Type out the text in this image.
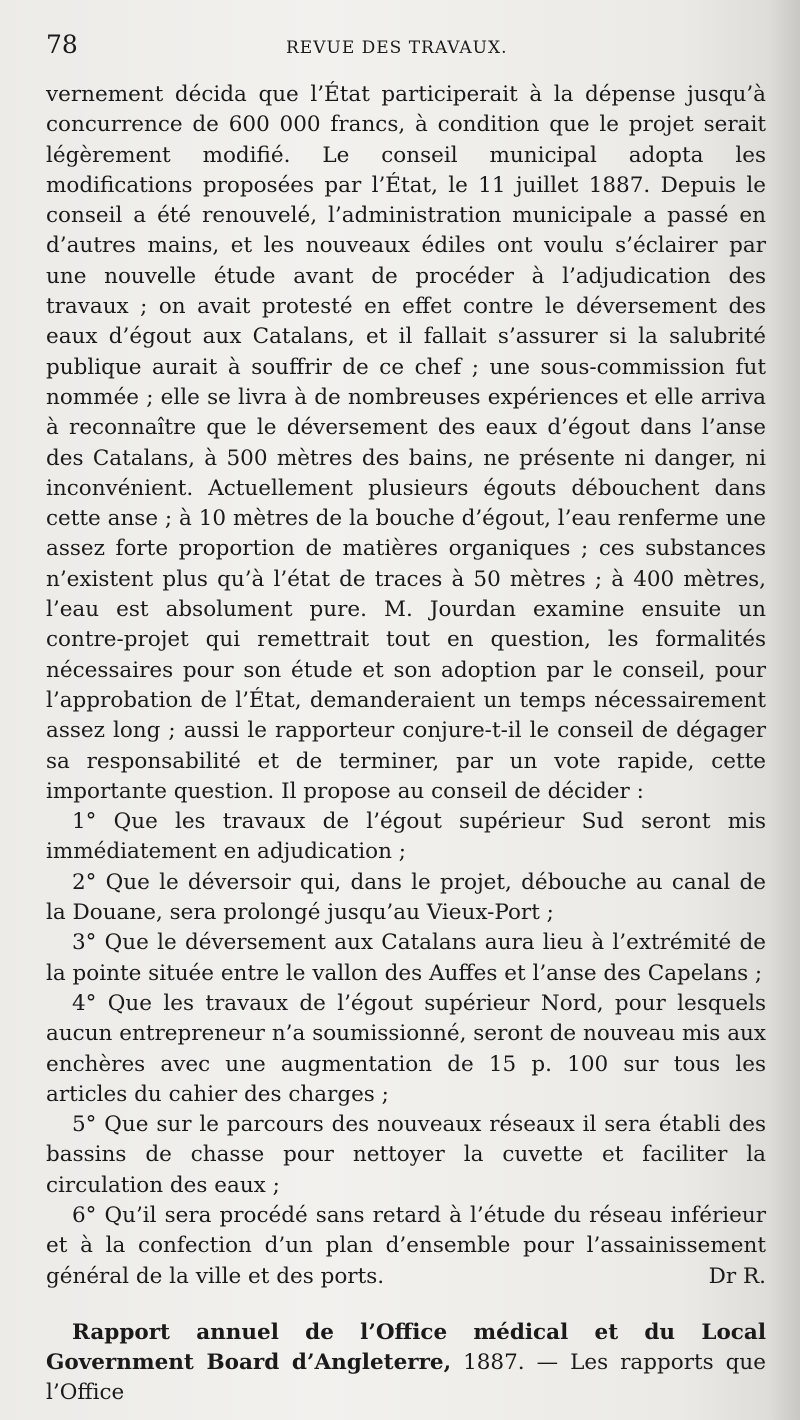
78	REVUE DES TRAVAUX.

vernement décida que l’État participerait à la dépense jusqu’à concurrence de 600 000 francs, à condition que le projet serait légèrement modifié. Le conseil municipal adopta les modifications proposées par l’État, le 11 juillet 1887. Depuis le conseil a été renouvelé, l’administration municipale a passé en d’autres mains, et les nouveaux édiles ont voulu s’éclairer par une nouvelle étude avant de procéder à l’adjudication des travaux ; on avait protesté en effet contre le déversement des eaux d’égout aux Catalans, et il fallait s’assurer si la salubrité publique aurait à souffrir de ce chef ; une sous-commission fut nommée ; elle se livra à de nombreuses expériences et elle arriva à reconnaître que le déversement des eaux d’égout dans l’anse des Catalans, à 500 mètres des bains, ne présente ni danger, ni inconvénient. Actuellement plusieurs égouts débouchent dans cette anse ; à 10 mètres de la bouche d’égout, l’eau renferme une assez forte proportion de matières organiques ; ces substances n’existent plus qu’à l’état de traces à 50 mètres ; à 400 mètres, l’eau est absolument pure. M. Jourdan examine ensuite un contre-projet qui remettrait tout en question, les formalités nécessaires pour son étude et son adoption par le conseil, pour l’approbation de l’État, demanderaient un temps nécessairement assez long ; aussi le rapporteur conjure-t-il le conseil de dégager sa responsabilité et de terminer, par un vote rapide, cette importante question. Il propose au conseil de décider :

1° Que les travaux de l’égout supérieur Sud seront mis immédiatement en adjudication ;

2° Que le déversoir qui, dans le projet, débouche au canal de la Douane, sera prolongé jusqu’au Vieux-Port ;

3° Que le déversement aux Catalans aura lieu à l’extrémité de la pointe située entre le vallon des Auffes et l’anse des Capelans ;

4° Que les travaux de l’égout supérieur Nord, pour lesquels aucun entrepreneur n’a soumissionné, seront de nouveau mis aux enchères avec une augmentation de 15 p. 100 sur tous les articles du cahier des charges ;

5° Que sur le parcours des nouveaux réseaux il sera établi des bassins de chasse pour nettoyer la cuvette et faciliter la circulation des eaux ;

6° Qu’il sera procédé sans retard à l’étude du réseau inférieur et à la confection d’un plan d’ensemble pour l’assainissement général de la ville et des ports.	Dr R.

Rapport annuel de l’Office médical et du Local Government Board d’Angleterre, 1887. — Les rapports que l’Office
